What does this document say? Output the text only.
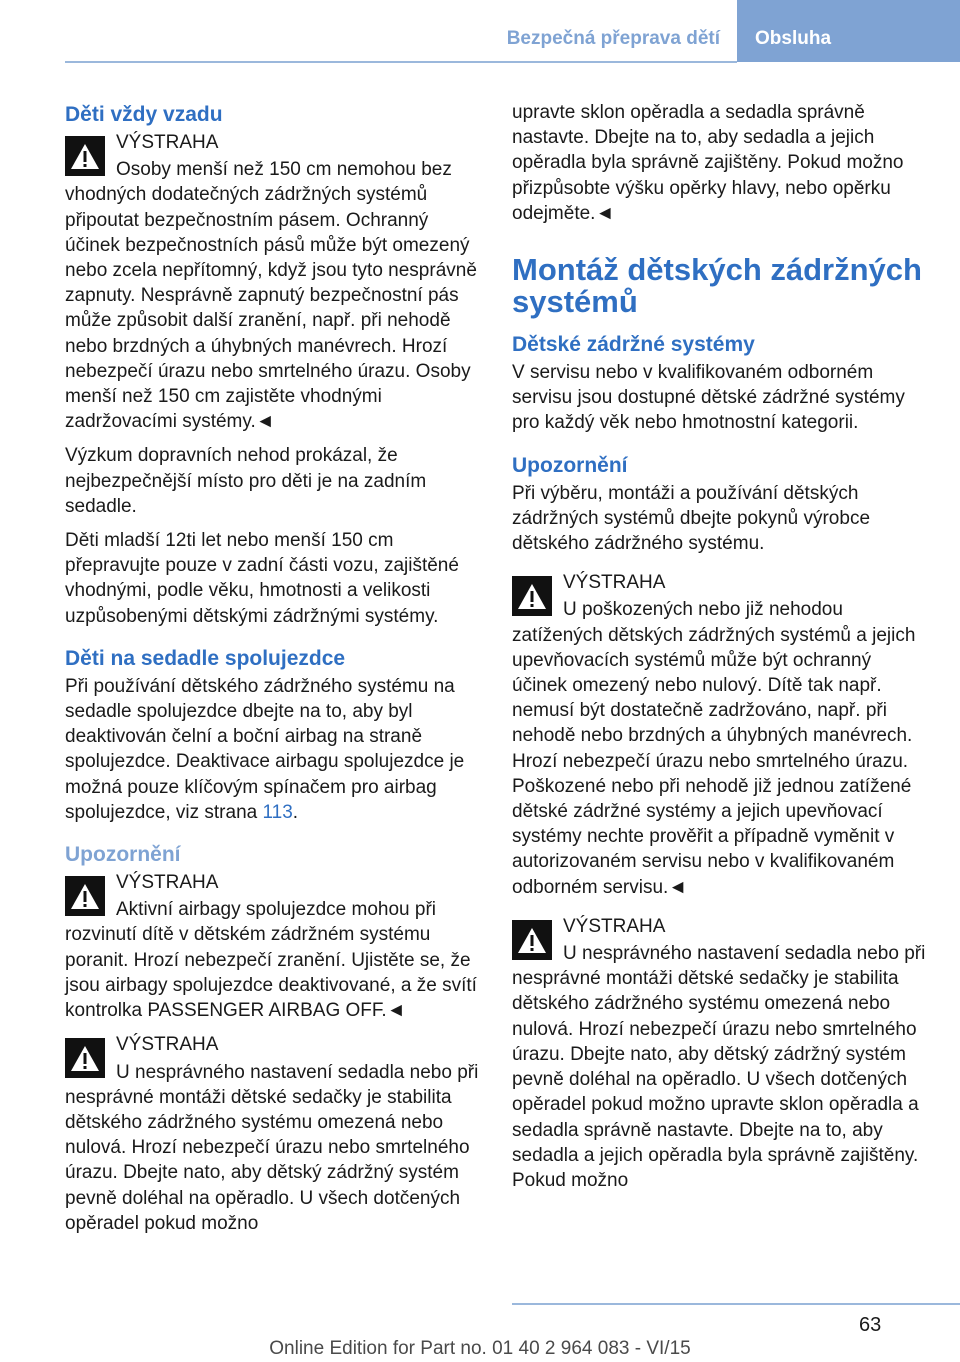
Bezpečná přeprava dětí Obsluha
Děti vždy vzadu
VÝSTRAHA

Osoby menší než 150 cm nemohou bez vhodných dodatečných zádržných systémů připoutat bezpečnostním pásem. Ochranný účinek bezpečnostních pásů může být omezený nebo zcela nepřítomný, když jsou tyto nesprávně zapnuty. Nesprávně zapnutý bezpečnostní pás může způsobit další zranění, např. při nehodě nebo brzdných a úhybných manévrech. Hrozí nebezpečí úrazu nebo smrtelného úrazu. Osoby menší než 150 cm zajistěte vhodnými zadržovacími systémy.◄

Výzkum dopravních nehod prokázal, že nejbezpečnější místo pro děti je na zadním sedadle.

Děti mladší 12ti let nebo menší 150 cm přepravujte pouze v zadní části vozu, zajištěné vhodnými, podle věku, hmotnosti a velikosti uzpůsobenými dětskými zádržnými systémy.

Děti na sedadle spolujezdce

Při používání dětského zádržného systému na sedadle spolujezdce dbejte na to, aby byl deaktivován čelní a boční airbag na straně spolujezdce. Deaktivace airbagu spolujezdce je možná pouze klíčovým spínačem pro airbag spolujezdce, viz strana 113.

Upozornění
VÝSTRAHA

Aktivní airbagy spolujezdce mohou při rozvinutí dítě v dětském zádržném systému poranit. Hrozí nebezpečí zranění. Ujistěte se, že jsou airbagy spolujezdce deaktivované, a že svítí kontrolka PASSENGER AIRBAG OFF.◄

VÝSTRAHA

U nesprávného nastavení sedadla nebo při nesprávné montáži dětské sedačky je stabilita dětského zádržného systému omezená nebo nulová. Hrozí nebezpečí úrazu nebo smrtelného úrazu. Dbejte nato, aby dětský zádržný systém pevně doléhal na opěradlo. U všech dotčených opěradel pokud možno

upravte sklon opěradla a sedadla správně nastavte. Dbejte na to, aby sedadla a jejich opěradla byla správně zajištěny. Pokud možno přizpůsobte výšku opěrky hlavy, nebo opěrku odejměte.◄

Montáž dětských zádržných systémů
Dětské zádržné systémy

V servisu nebo v kvalifikovaném odborném servisu jsou dostupné dětské zádržné systémy pro každý věk nebo hmotnostní kategorii.

Upozornění

Při výběru, montáži a používání dětských zádržných systémů dbejte pokynů výrobce dětského zádržného systému.

VÝSTRAHA

U poškozených nebo již nehodou zatížených dětských zádržných systémů a jejich upevňovacích systémů může být ochranný účinek omezený nebo nulový. Dítě tak např. nemusí být dostatečně zadržováno, např. při nehodě nebo brzdných a úhybných manévrech. Hrozí nebezpečí úrazu nebo smrtelného úrazu. Poškozené nebo při nehodě již jednou zatížené dětské zádržné systémy a jejich upevňovací systémy nechte prověřit a případně vyměnit v autorizovaném servisu nebo v kvalifikovaném odborném servisu.◄

VÝSTRAHA

U nesprávného nastavení sedadla nebo při nesprávné montáži dětské sedačky je stabilita dětského zádržného systému omezená nebo nulová. Hrozí nebezpečí úrazu nebo smrtelného úrazu. Dbejte nato, aby dětský zádržný systém pevně doléhal na opěradlo. U všech dotčených opěradel pokud možno upravte sklon opěradla a sedadla správně nastavte. Dbejte na to, aby sedadla a jejich opěradla byla správně zajištěny. Pokud možno

63
Online Edition for Part no. 01 40 2 964 083 - VI/15
